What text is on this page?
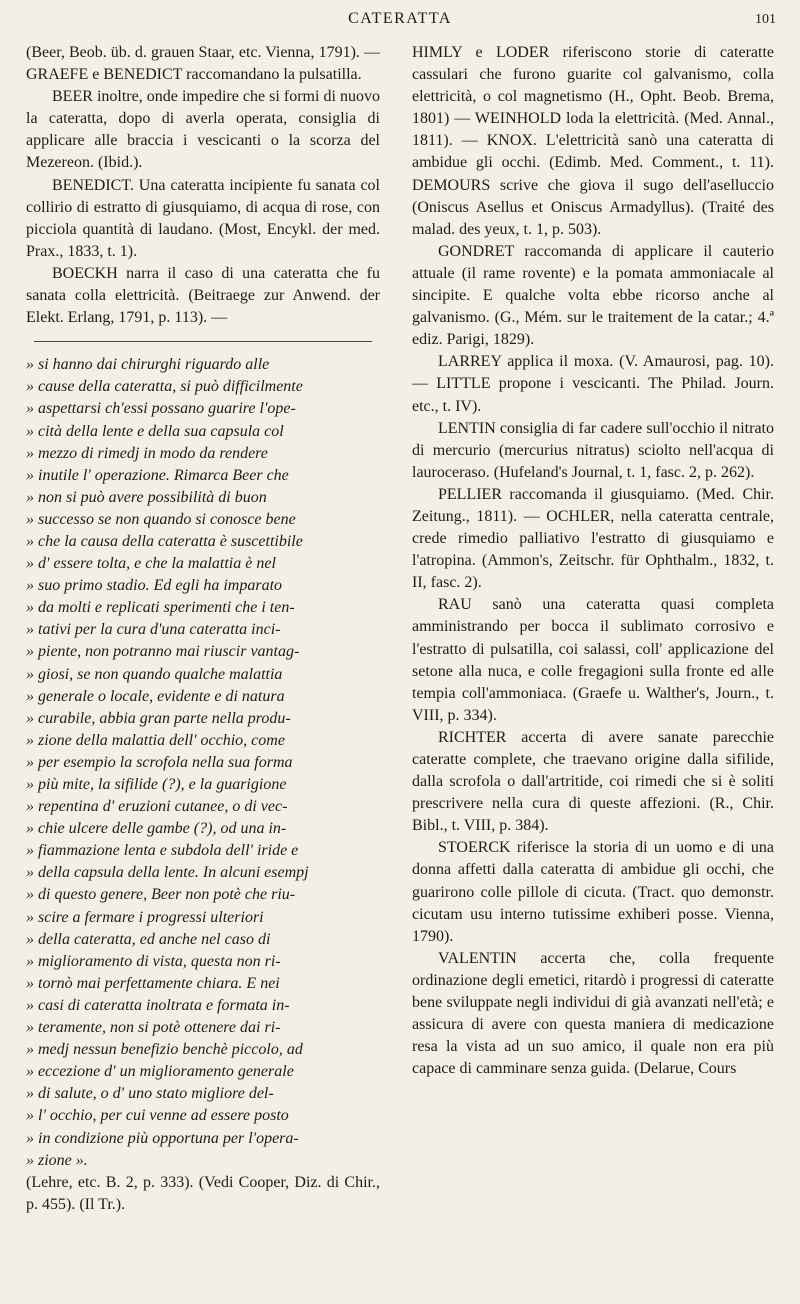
CATERATTA	101

(Beer, Beob. üb. d. grauen Staar, etc. Vienna, 1791). — GRAEFE e BENEDICT raccomandano la pulsatilla.

BEER inoltre, onde impedire che si formi di nuovo la cateratta, dopo di averla operata, consiglia di applicare alle braccia i vescicanti o la scorza del Mezereon. (Ibid.).

BENEDICT. Una cateratta incipiente fu sanata col collirio di estratto di giusquiamo, di acqua di rose, con picciola quantità di laudano. (Most, Encykl. der med. Prax., 1833, t. 1).

BOECKH narra il caso di una cateratta che fu sanata colla elettricità. (Beitraege zur Anwend. der Elekt. Erlang, 1791, p. 113). —

» si hanno dai chirurghi riguardo alle
» cause della cateratta, si può difficilmente
» aspettarsi ch'essi possano guarire l'ope-
» cità della lente e della sua capsula col
» mezzo di rimedj in modo da rendere
» inutile l' operazione. Rimarca Beer che
» non si può avere possibilità di buon
» successo se non quando si conosce bene
» che la causa della cateratta è suscettibile
» d' essere tolta, e che la malattia è nel
» suo primo stadio. Ed egli ha imparato
» da molti e replicati sperimenti che i ten-
» tativi per la cura d'una cateratta inci-
» piente, non potranno mai riuscir vantag-
» giosi, se non quando qualche malattia
» generale o locale, evidente e di natura
» curabile, abbia gran parte nella produ-
» zione della malattia dell' occhio, come
» per esempio la scrofola nella sua forma
» più mite, la sifilide (?), e la guarigione
» repentina d' eruzioni cutanee, o di vec-
» chie ulcere delle gambe (?), od una in-
» fiammazione lenta e subdola dell' iride e
» della capsula della lente. In alcuni esempj
» di questo genere, Beer non potè che riu-
» scire a fermare i progressi ulteriori
» della cateratta, ed anche nel caso di
» miglioramento di vista, questa non ri-
» tornò mai perfettamente chiara. E nei
» casi di cateratta inoltrata e formata in-
» teramente, non si potè ottenere dai ri-
» medj nessun benefizio benchè piccolo, ad
» eccezione d' un miglioramento generale
» di salute, o d' uno stato migliore del-
» l' occhio, per cui venne ad essere posto
» in condizione più opportuna per l'opera-
» zione ».

(Lehre, etc. B. 2, p. 333). (Vedi Cooper, Diz. di Chir., p. 455). (Il Tr.).

HIMLY e LODER riferiscono storie di cateratte cassulari che furono guarite col galvanismo, colla elettricità, o col magnetismo (H., Opht. Beob. Brema, 1801) — WEINHOLD loda la elettricità. (Med. Annal., 1811). — KNOX. L'elettricità sanò una cateratta di ambidue gli occhi. (Edimb. Med. Comment., t. 11). DEMOURS scrive che giova il sugo dell'aselluccio (Oniscus Asellus et Oniscus Armadyllus). (Traité des malad. des yeux, t. 1, p. 503).

GONDRET raccomanda di applicare il cauterio attuale (il rame rovente) e la pomata ammoniacale al sincipite. E qualche volta ebbe ricorso anche al galvanismo. (G., Mém. sur le traitement de la catar.; 4.ª ediz. Parigi, 1829).

LARREY applica il moxa. (V. Amaurosi, pag. 10). — LITTLE propone i vescicanti. The Philad. Journ. etc., t. IV).

LENTIN consiglia di far cadere sull'occhio il nitrato di mercurio (mercurius nitratus) sciolto nell'acqua di lauroceraso. (Hufeland's Journal, t. 1, fasc. 2, p. 262).

PELLIER raccomanda il giusquiamo. (Med. Chir. Zeitung., 1811). — OCHLER, nella cateratta centrale, crede rimedio palliativo l'estratto di giusquiamo e l'atropina. (Ammon's, Zeitschr. für Ophthalm., 1832, t. II, fasc. 2).

RAU sanò una cateratta quasi completa amministrando per bocca il sublimato corrosivo e l'estratto di pulsatilla, coi salassi, coll' applicazione del setone alla nuca, e colle fregagioni sulla fronte ed alle tempia coll'ammoniaca. (Graefe u. Walther's, Journ., t. VIII, p. 334).

RICHTER accerta di avere sanate parecchie cateratte complete, che traevano origine dalla sifilide, dalla scrofola o dall'artritide, coi rimedi che si è soliti prescrivere nella cura di queste affezioni. (R., Chir. Bibl., t. VIII, p. 384).

STOERCK riferisce la storia di un uomo e di una donna affetti dalla cateratta di ambidue gli occhi, che guarirono colle pillole di cicuta. (Tract. quo demonstr. cicutam usu interno tutissime exhiberi posse. Vienna, 1790).

VALENTIN accerta che, colla frequente ordinazione degli emetici, ritardò i progressi di cateratte bene sviluppate negli individui di già avanzati nell'età; e assicura di avere con questa maniera di medicazione resa la vista ad un suo amico, il quale non era più capace di camminare senza guida. (Delarue, Cours
